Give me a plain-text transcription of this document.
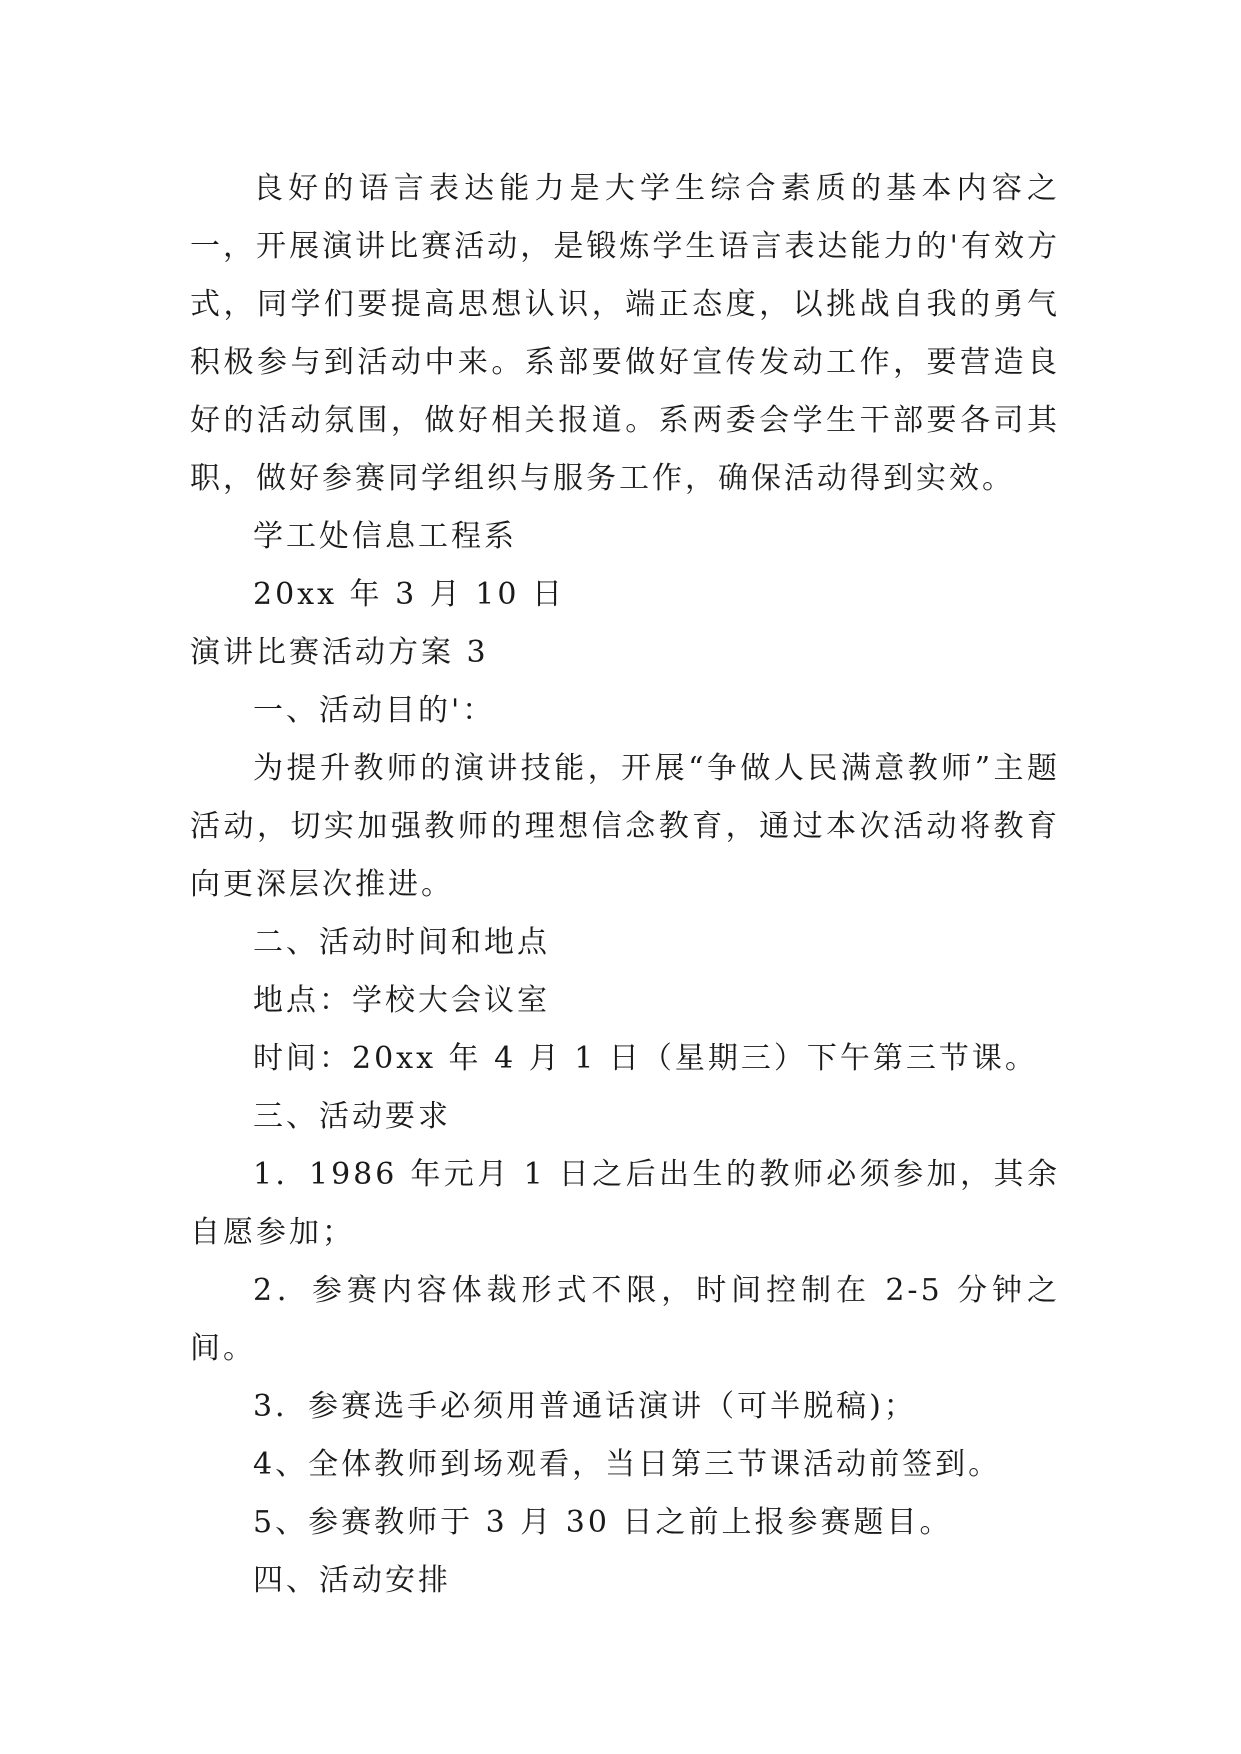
良好的语言表达能力是大学生综合素质的基本内容之一，开展演讲比赛活动，是锻炼学生语言表达能力的'有效方式，同学们要提高思想认识，端正态度，以挑战自我的勇气积极参与到活动中来。系部要做好宣传发动工作，要营造良好的活动氛围，做好相关报道。系两委会学生干部要各司其职，做好参赛同学组织与服务工作，确保活动得到实效。

学工处信息工程系

20xx 年 3 月 10 日

演讲比赛活动方案 3

一、活动目的'：

为提升教师的演讲技能，开展“争做人民满意教师”主题活动，切实加强教师的理想信念教育，通过本次活动将教育向更深层次推进。

二、活动时间和地点

地点：学校大会议室

时间：20xx 年 4 月 1 日（星期三）下午第三节课。

三、活动要求

1．1986 年元月 1 日之后出生的教师必须参加，其余自愿参加；

2．参赛内容体裁形式不限，时间控制在 2-5 分钟之间。

3．参赛选手必须用普通话演讲（可半脱稿)；

4、全体教师到场观看，当日第三节课活动前签到。

5、参赛教师于 3 月 30 日之前上报参赛题目。

四、活动安排
